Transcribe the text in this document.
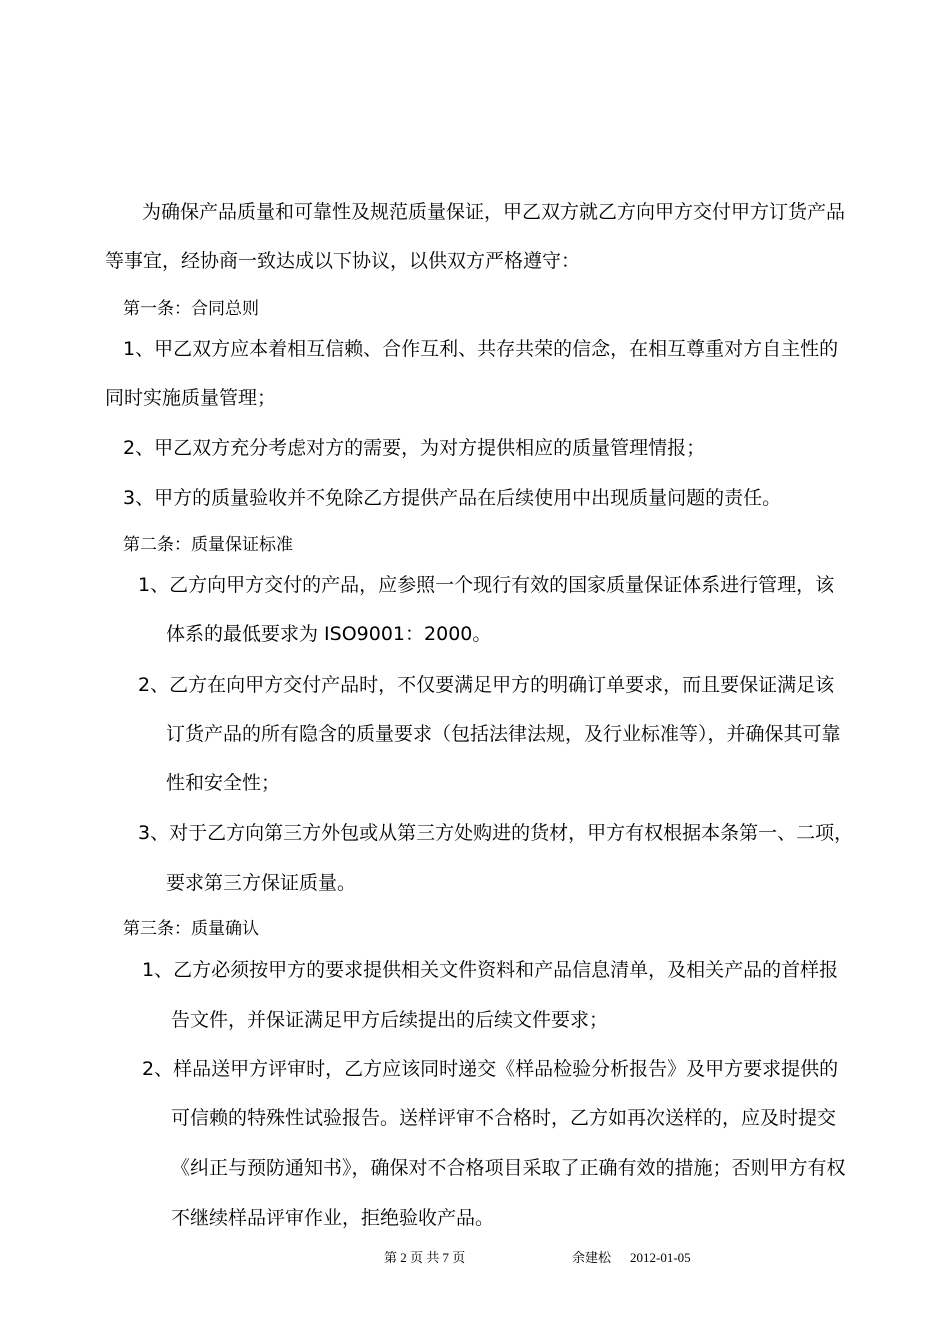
为确保产品质量和可靠性及规范质量保证，甲乙双方就乙方向甲方交付甲方订货产品
等事宜，经协商一致达成以下协议，以供双方严格遵守：
第一条：合同总则
1、甲乙双方应本着相互信赖、合作互利、共存共荣的信念，在相互尊重对方自主性的
同时实施质量管理；
2、甲乙双方充分考虑对方的需要，为对方提供相应的质量管理情报；
3、甲方的质量验收并不免除乙方提供产品在后续使用中出现质量问题的责任。
第二条：质量保证标准
1、乙方向甲方交付的产品，应参照一个现行有效的国家质量保证体系进行管理，该
体系的最低要求为 ISO9001：2000。
2、乙方在向甲方交付产品时，不仅要满足甲方的明确订单要求，而且要保证满足该
订货产品的所有隐含的质量要求（包括法律法规，及行业标准等），并确保其可靠
性和安全性；
3、对于乙方向第三方外包或从第三方处购进的货材，甲方有权根据本条第一、二项，
要求第三方保证质量。
第三条：质量确认
1、乙方必须按甲方的要求提供相关文件资料和产品信息清单，及相关产品的首样报
告文件，并保证满足甲方后续提出的后续文件要求；
2、样品送甲方评审时，乙方应该同时递交《样品检验分析报告》及甲方要求提供的
可信赖的特殊性试验报告。送样评审不合格时，乙方如再次送样的，应及时提交
《纠正与预防通知书》，确保对不合格项目采取了正确有效的措施；否则甲方有权
不继续样品评审作业，拒绝验收产品。
第 2 页 共 7 页	余建松 2012-01-05
